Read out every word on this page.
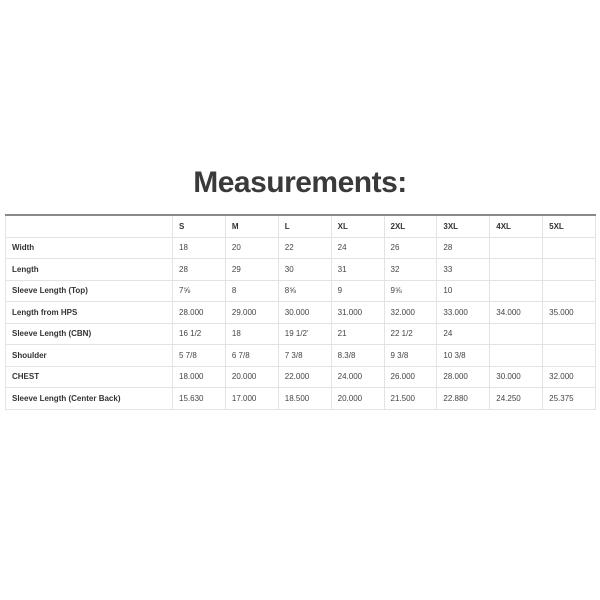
Measurements:
	S	M	L	XL	2XL	3XL	4XL	5XL
Width	18	20	22	24	26	28		
Length	28	29	30	31	32	33		
Sleeve Length (Top)	7⅝	8	8⅝	9	9⅝	10		
Length from HPS	28.000	29.000	30.000	31.000	32.000	33.000	34.000	35.000
Sleeve Length (CBN)	16 1/2	18	19 1/2'	21	22 1/2	24		
Shoulder	5 7/8	6 7/8	7 3/8	8.3/8	9 3/8	10 3/8		
CHEST	18.000	20.000	22.000	24.000	26.000	28.000	30.000	32.000
Sleeve Length (Center Back)	15.630	17.000	18.500	20.000	21.500	22.880	24.250	25.375
